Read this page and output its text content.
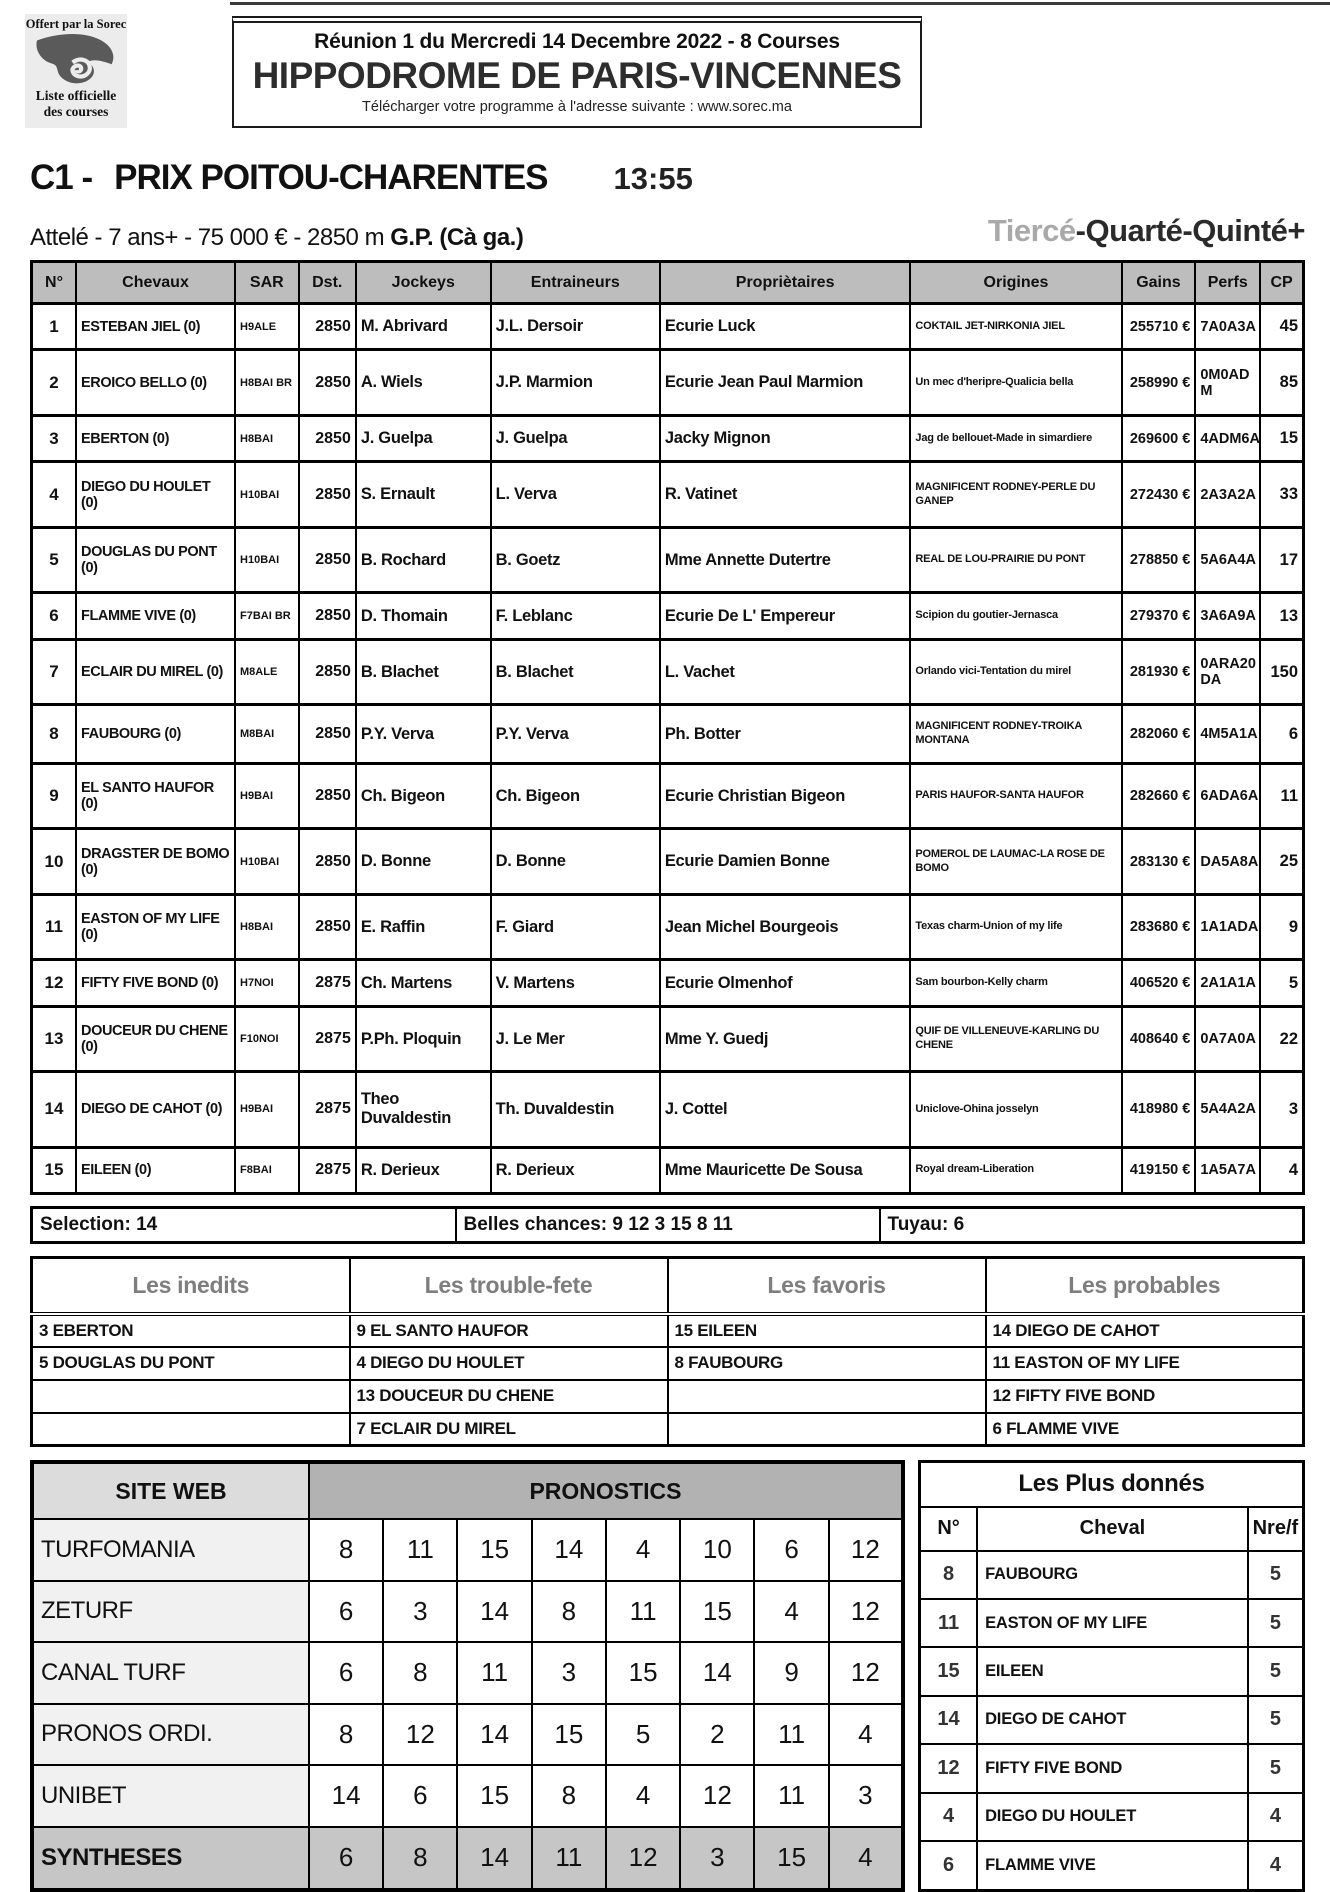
Offert par la Sorec
Liste officielle
des courses
Réunion 1 du Mercredi 14 Decembre 2022 - 8 Courses
HIPPODROME DE PARIS-VINCENNES
Télécharger votre programme à l'adresse suivante : www.sorec.ma
C1 - PRIX POITOU-CHARENTES 13:55
Attelé - 7 ans+ - 75 000 € - 2850 m G.P. (Cà ga.)	Tiercé-Quarté-Quinté+
N°	Chevaux	SAR	Dst.	Jockeys	Entraineurs	Propriètaires	Origines	Gains	Perfs	CP
1	ESTEBAN JIEL (0)	H9ALE	2850	M. Abrivard	J.L. Dersoir	Ecurie Luck	COKTAIL JET-NIRKONIA JIEL	255710 €	7A0A3A	45
2	EROICO BELLO (0)	H8BAI BR	2850	A. Wiels	J.P. Marmion	Ecurie Jean Paul Marmion	Un mec d'heripre-Qualicia bella	258990 €	0M0AD M	85
3	EBERTON (0)	H8BAI	2850	J. Guelpa	J. Guelpa	Jacky Mignon	Jag de bellouet-Made in simardiere	269600 €	4ADM6A	15
4	DIEGO DU HOULET (0)	H10BAI	2850	S. Ernault	L. Verva	R. Vatinet	MAGNIFICENT RODNEY-PERLE DU GANEP	272430 €	2A3A2A	33
5	DOUGLAS DU PONT (0)	H10BAI	2850	B. Rochard	B. Goetz	Mme Annette Dutertre	REAL DE LOU-PRAIRIE DU PONT	278850 €	5A6A4A	17
6	FLAMME VIVE (0)	F7BAI BR	2850	D. Thomain	F. Leblanc	Ecurie De L' Empereur	Scipion du goutier-Jernasca	279370 €	3A6A9A	13
7	ECLAIR DU MIREL (0)	M8ALE	2850	B. Blachet	B. Blachet	L. Vachet	Orlando vici-Tentation du mirel	281930 €	0ARA20 DA	150
8	FAUBOURG (0)	M8BAI	2850	P.Y. Verva	P.Y. Verva	Ph. Botter	MAGNIFICENT RODNEY-TROIKA MONTANA	282060 €	4M5A1A	6
9	EL SANTO HAUFOR (0)	H9BAI	2850	Ch. Bigeon	Ch. Bigeon	Ecurie Christian Bigeon	PARIS HAUFOR-SANTA HAUFOR	282660 €	6ADA6A	11
10	DRAGSTER DE BOMO (0)	H10BAI	2850	D. Bonne	D. Bonne	Ecurie Damien Bonne	POMEROL DE LAUMAC-LA ROSE DE BOMO	283130 €	DA5A8A	25
11	EASTON OF MY LIFE (0)	H8BAI	2850	E. Raffin	F. Giard	Jean Michel Bourgeois	Texas charm-Union of my life	283680 €	1A1ADA	9
12	FIFTY FIVE BOND (0)	H7NOI	2875	Ch. Martens	V. Martens	Ecurie Olmenhof	Sam bourbon-Kelly charm	406520 €	2A1A1A	5
13	DOUCEUR DU CHENE (0)	F10NOI	2875	P.Ph. Ploquin	J. Le Mer	Mme Y. Guedj	QUIF DE VILLENEUVE-KARLING DU CHENE	408640 €	0A7A0A	22
14	DIEGO DE CAHOT (0)	H9BAI	2875	Theo Duvaldestin	Th. Duvaldestin	J. Cottel	Uniclove-Ohina josselyn	418980 €	5A4A2A	3
15	EILEEN (0)	F8BAI	2875	R. Derieux	R. Derieux	Mme Mauricette De Sousa	Royal dream-Liberation	419150 €	1A5A7A	4
Selection: 14	Belles chances: 9 12 3 15 8 11	Tuyau: 6
Les inedits	Les trouble-fete	Les favoris	Les probables
3 EBERTON	9 EL SANTO HAUFOR	15 EILEEN	14 DIEGO DE CAHOT
5 DOUGLAS DU PONT	4 DIEGO DU HOULET	8 FAUBOURG	11 EASTON OF MY LIFE
	13 DOUCEUR DU CHENE		12 FIFTY FIVE BOND
	7 ECLAIR DU MIREL		6 FLAMME VIVE
SITE WEB	PRONOSTICS							
TURFOMANIA	8	11	15	14	4	10	6	12
ZETURF	6	3	14	8	11	15	4	12
CANAL TURF	6	8	11	3	15	14	9	12
PRONOS ORDI.	8	12	14	15	5	2	11	4
UNIBET	14	6	15	8	4	12	11	3
SYNTHESES	6	8	14	11	12	3	15	4
Les Plus donnés		
N°	Cheval	Nre/f
8	FAUBOURG	5
11	EASTON OF MY LIFE	5
15	EILEEN	5
14	DIEGO DE CAHOT	5
12	FIFTY FIVE BOND	5
4	DIEGO DU HOULET	4
6	FLAMME VIVE	4
